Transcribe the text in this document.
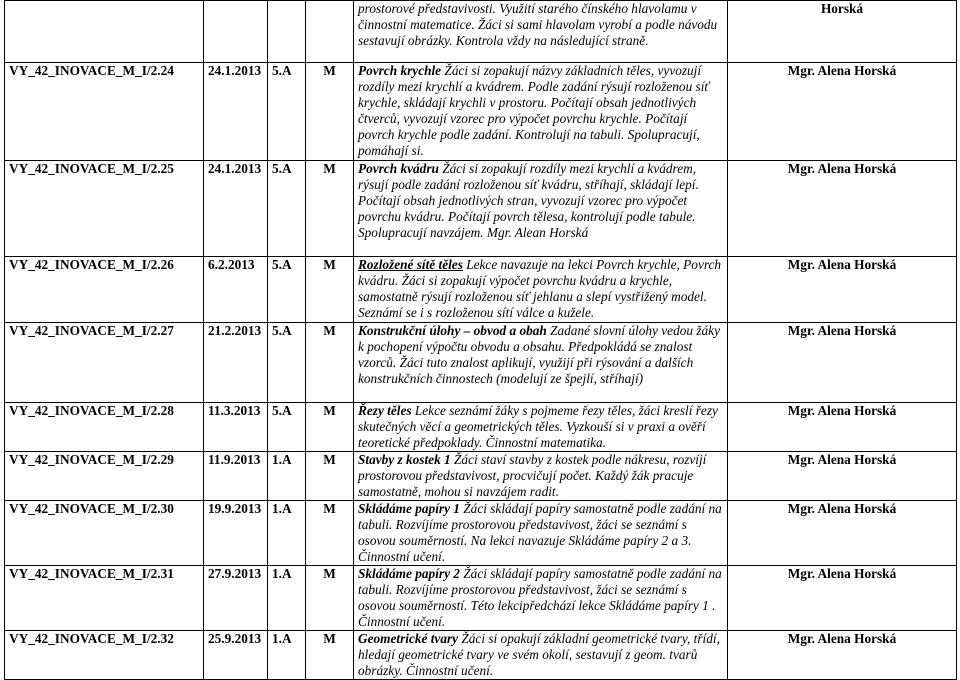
				prostorové představivosti. Využití starého čínského hlavolamu v činnostní matematice. Žáci si sami hlavolam vyrobí a podle návodu sestavují obrázky. Kontrola vždy na následující straně.	Horská
VY_42_INOVACE_M_I/2.24	24.1.2013	5.A	M	Povrch krychle Žáci si zopakují názvy základních těles, vyvozují rozdíly mezi krychlí a kvádrem. Podle zadání rýsují rozloženou síť krychle, skládají krychli v prostoru. Počítají obsah jednotlivých čtverců, vyvozují vzorec pro výpočet povrchu krychle. Počítají povrch krychle podle zadání. Kontrolují na tabuli. Spolupracují, pomáhají si.	Mgr. Alena Horská
VY_42_INOVACE_M_I/2.25	24.1.2013	5.A	M	Povrch kvádru Žáci si zopakují rozdíly mezi krychlí a kvádrem, rýsují podle zadání rozloženou síť kvádru, stříhají, skládají lepí. Počítají obsah jednotlivých stran, vyvozují vzorec pro výpočet povrchu kvádru. Počítají povrch tělesa, kontrolují podle tabule. Spolupracují navzájem. Mgr. Alean Horská	Mgr. Alena Horská
VY_42_INOVACE_M_I/2.26	6.2.2013	5.A	M	Rozložené sítě těles Lekce navazuje na lekci Povrch krychle, Povrch kvádru. Žáci si zopakují výpočet povrchu kvádru a krychle, samostatně rýsují rozloženou síť jehlanu a slepí vystřižený model. Seznámí se i s rozloženou sítí válce a kužele.	Mgr. Alena Horská
VY_42_INOVACE_M_I/2.27	21.2.2013	5.A	M	Konstrukční úlohy – obvod a obah Zadané slovní úlohy vedou žáky k pochopení výpočtu obvodu a obsahu. Předpokládá se znalost vzorců. Žáci tuto znalost aplikují, využijí při rýsování a dalších konstrukčních činnostech (modelují ze špejlí, stříhají)	Mgr. Alena Horská
VY_42_INOVACE_M_I/2.28	11.3.2013	5.A	M	Řezy těles Lekce seznámí žáky s pojmeme řezy těles, žáci kreslí řezy skutečných věcí a geometrických těles. Vyzkouší si v praxi a ověří teoretické předpoklady. Činnostní matematika.	Mgr. Alena Horská
VY_42_INOVACE_M_I/2.29	11.9.2013	1.A	M	Stavby z kostek 1 Žáci staví stavby z kostek podle nákresu, rozvíjí prostorovou představivost, procvičují počet. Každý žák pracuje samostatně, mohou si navzájem radit.	Mgr. Alena Horská
VY_42_INOVACE_M_I/2.30	19.9.2013	1.A	M	Skládáme papíry 1 Žáci skládají papíry samostatně podle zadání na tabuli. Rozvíjíme prostorovou představivost, žáci se seznámí s osovou souměrností. Na lekci navazuje Skládáme papíry 2 a 3. Činnostní učení.	Mgr. Alena Horská
VY_42_INOVACE_M_I/2.31	27.9.2013	1.A	M	Skládáme papíry 2 Žáci skládají papíry samostatně podle zadání na tabuli. Rozvíjíme prostorovou představivost, žáci se seznámí s osovou souměrností. Této lekcipředchází lekce Skládáme papíry 1 . Činnostní učení.	Mgr. Alena Horská
VY_42_INOVACE_M_I/2.32	25.9.2013	1.A	M	Geometrické tvary Žáci si opakují základní geometrické tvary, třídí, hledají geometrické tvary ve svém okolí, sestavují z geom. tvarů obrázky. Činnostní učení.	Mgr. Alena Horská
